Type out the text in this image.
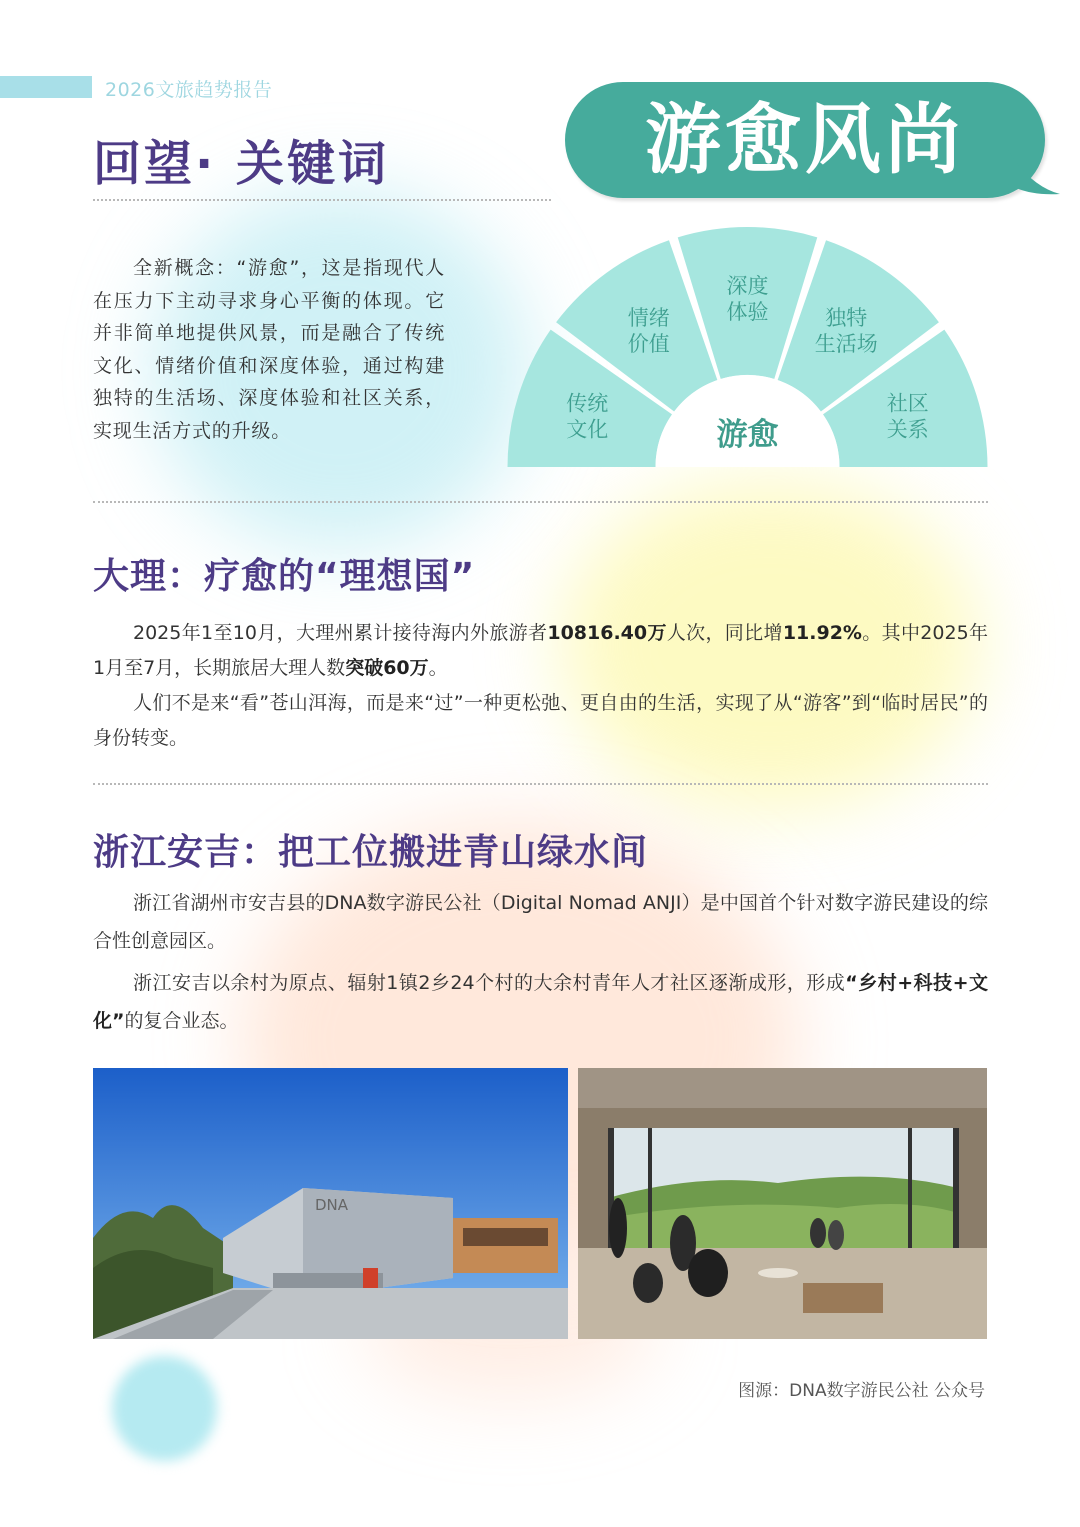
2026文旅趋势报告
回望· 关键词	游愈风尚
全新概念：“游愈”，这是指现代人在压力下主动寻求身心平衡的体现。它并非简单地提供风景，而是融合了传统文化、情绪价值和深度体验，通过构建独特的生活场、深度体验和社区关系，实现生活方式的升级。
传统
文化
情绪
价值
深度
体验	独特
生活场
社区
关系
游愈
大理：疗愈的“理想国”

2025年1至10月，大理州累计接待海内外旅游者10816.40万人次，同比增11.92%。其中2025年1月至7月，长期旅居大理人数突破60万。

人们不是来“看”苍山洱海，而是来“过”一种更松弛、更自由的生活，实现了从“游客”到“临时居民”的身份转变。

浙江安吉：把工位搬进青山绿水间

浙江省湖州市安吉县的DNA数字游民公社（Digital Nomad ANJI）是中国首个针对数字游民建设的综合性创意园区。

浙江安吉以余村为原点、辐射1镇2乡24个村的大余村青年人才社区逐渐成形，形成“乡村+科技+文化”的复合业态。

DNA
图源：DNA数字游民公社 公众号
